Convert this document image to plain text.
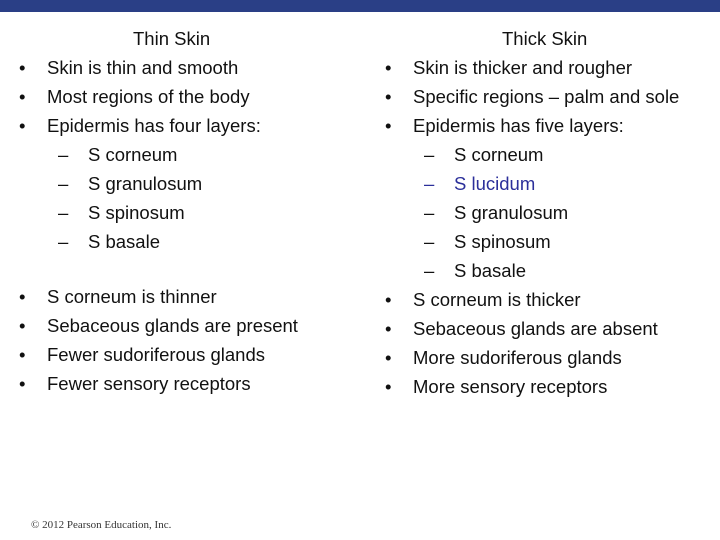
Thin Skin
•	Skin is thin and smooth
•	Most regions of the body
•	Epidermis has four layers:
–	S corneum
–	S granulosum
–	S spinosum
–	S basale
•	S corneum is thinner
•	Sebaceous glands are present
•	Fewer sudoriferous glands
•	Fewer sensory receptors
Thick Skin
•	Skin is thicker and rougher
•	Specific regions – palm and sole
•	Epidermis has five layers:
–	S corneum
–	S lucidum
–	S granulosum
–	S spinosum
–	S basale
•	S corneum is thicker
•	Sebaceous glands are absent
•	More sudoriferous glands
•	More sensory receptors
© 2012 Pearson Education, Inc.
